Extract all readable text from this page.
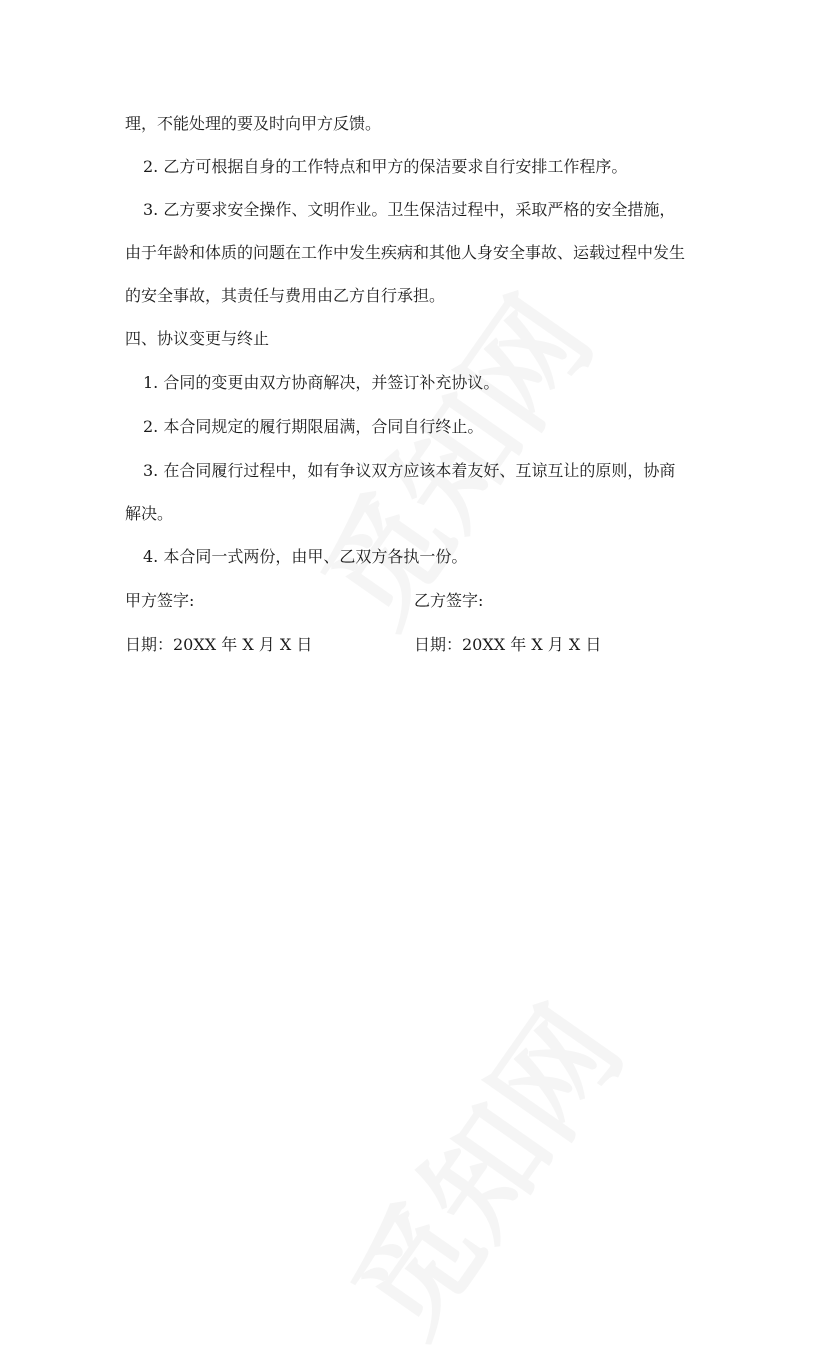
理，不能处理的要及时向甲方反馈。
2. 乙方可根据自身的工作特点和甲方的保洁要求自行安排工作程序。
3. 乙方要求安全操作、文明作业。卫生保洁过程中，采取严格的安全措施，
由于年龄和体质的问题在工作中发生疾病和其他人身安全事故、运载过程中发生
的安全事故，其责任与费用由乙方自行承担。
四、协议变更与终止
1. 合同的变更由双方协商解决，并签订补充协议。
2. 本合同规定的履行期限届满，合同自行终止。
3. 在合同履行过程中，如有争议双方应该本着友好、互谅互让的原则，协商
解决。
4. 本合同一式两份，由甲、乙双方各执一份。
甲方签字:	乙方签字:
日期：20XX 年 X 月 X 日	日期：20XX 年 X 月 X 日
